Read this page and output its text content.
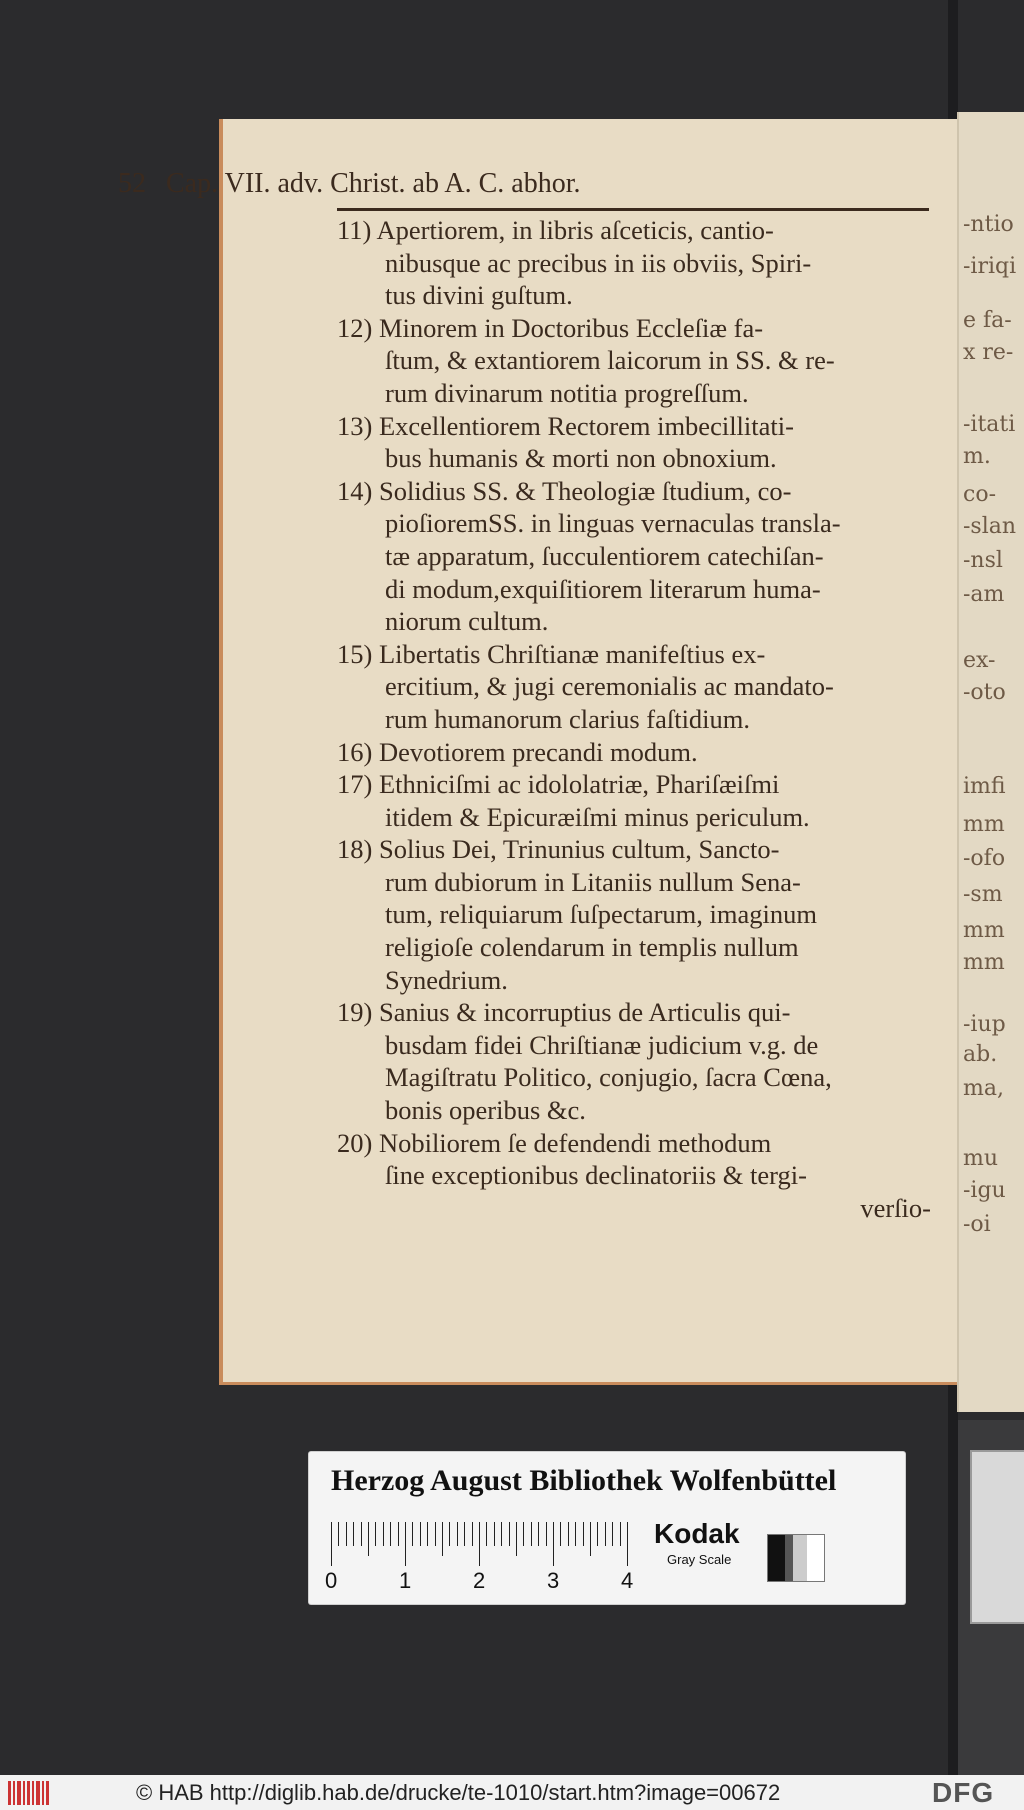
-ntio
-iriqi
e fa-
x re-
-itati
m.
co-
-slan
-nsl
-am
ex-
-oto
imfi
mm
-ofo
-sm
mm
mm
-iup
ab.
ma,
mu
-igu
-oi
52 Cap. VII. adv. Christ. ab A. C. abhor.
11) Apertiorem, in libris aſceticis, cantio-
nibusque ac precibus in iis obviis, Spiri-
tus divini guſtum.
12) Minorem in Doctoribus Eccleſiæ fa-
ſtum, & extantiorem laicorum in SS. & re-
rum divinarum notitia progreſſum.
13) Excellentiorem Rectorem imbecillitati-
bus humanis & morti non obnoxium.
14) Solidius SS. & Theologiæ ſtudium, co-
pioſioremSS. in linguas vernaculas transla-
tæ apparatum, ſucculentiorem catechiſan-
di modum,exquiſitiorem literarum huma-
niorum cultum.
15) Libertatis Chriſtianæ manifeſtius ex-
ercitium, & jugi ceremonialis ac mandato-
rum humanorum clarius faſtidium.
16) Devotiorem precandi modum.
17) Ethniciſmi ac idololatriæ, Phariſæiſmi
itidem & Epicuræiſmi minus periculum.
18) Solius Dei, Trinunius cultum, Sancto-
rum dubiorum in Litaniis nullum Sena-
tum, reliquiarum ſuſpectarum, imaginum
religioſe colendarum in templis nullum
Synedrium.
19) Sanius & incorruptius de Articulis qui-
busdam fidei Chriſtianæ judicium v.g. de
Magiſtratu Politico, conjugio, ſacra Cœna,
bonis operibus &c.
20) Nobiliorem ſe defendendi methodum
ſine exceptionibus declinatoriis & tergi-
verſio-
Herzog August Bibliothek Wolfenbüttel
0	1	2	3	4
Kodak
Gray Scale
© HAB http://diglib.hab.de/drucke/te-1010/start.htm?image=00672	DFG
